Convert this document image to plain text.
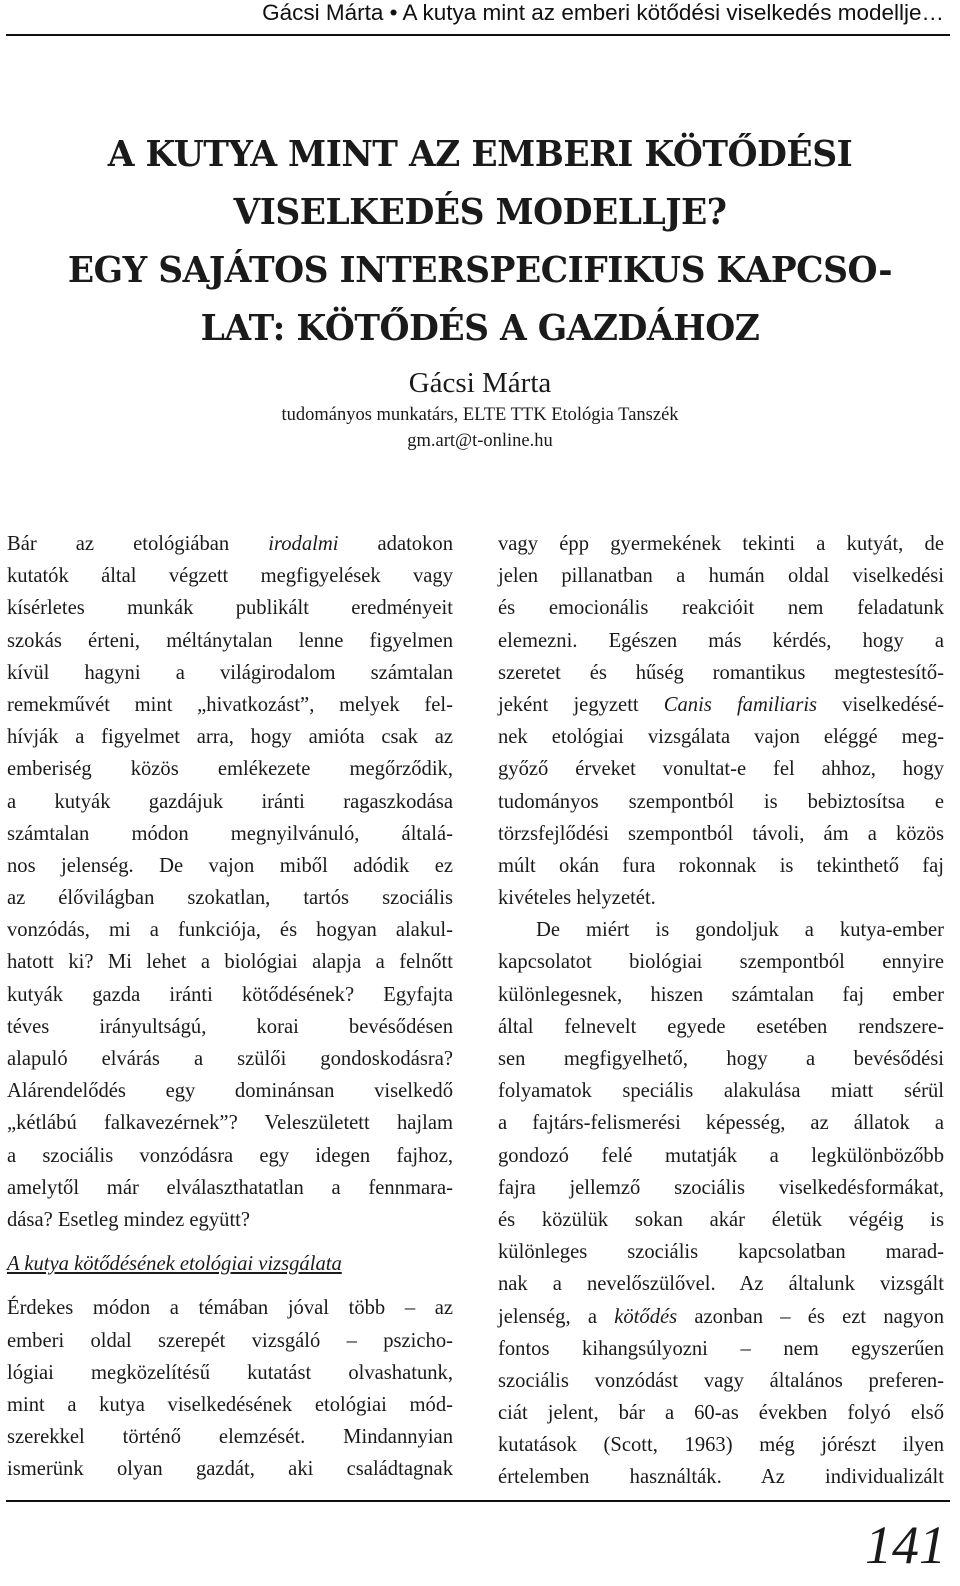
Gácsi Márta • A kutya mint az emberi kötődési viselkedés modellje…
A KUTYA MINT AZ EMBERI KÖTŐDÉSI
VISELKEDÉS MODELLJE?
EGY SAJÁTOS INTERSPECIFIKUS KAPCSO-
LAT: KÖTŐDÉS A GAZDÁHOZ
Gácsi Márta
tudományos munkatárs, ELTE TTK Etológia Tanszék
gm.art@t-online.hu
Bár az etológiában irodalmi adatokon
kutatók által végzett megfigyelések vagy
kísérletes munkák publikált eredményeit
szokás érteni, méltánytalan lenne figyelmen
kívül hagyni a világirodalom számtalan
remekművét mint „hivatkozást”, melyek fel-
hívják a figyelmet arra, hogy amióta csak az
emberiség közös emlékezete megőrződik,
a kutyák gazdájuk iránti ragaszkodása
számtalan módon megnyilvánuló, általá-
nos jelenség. De vajon miből adódik ez
az élővilágban szokatlan, tartós szociális
vonzódás, mi a funkciója, és hogyan alakul-
hatott ki? Mi lehet a biológiai alapja a felnőtt
kutyák gazda iránti kötődésének? Egyfajta
téves irányultságú, korai bevésődésen
alapuló elvárás a szülői gondoskodásra?
Alárendelődés egy dominánsan viselkedő
„kétlábú falkavezérnek”? Veleszületett hajlam
a szociális vonzódásra egy idegen fajhoz,
amelytől már elválaszthatatlan a fennmara-
dása? Esetleg mindez együtt?
A kutya kötődésének etológiai vizsgálata
Érdekes módon a témában jóval több – az
emberi oldal szerepét vizsgáló – pszicho-
lógiai megközelítésű kutatást olvashatunk,
mint a kutya viselkedésének etológiai mód-
szerekkel történő elemzését. Mindannyian
ismerünk olyan gazdát, aki családtagnak
vagy épp gyermekének tekinti a kutyát, de
jelen pillanatban a humán oldal viselkedési
és emocionális reakcióit nem feladatunk
elemezni. Egészen más kérdés, hogy a
szeretet és hűség romantikus megtestesítő-
jeként jegyzett Canis familiaris viselkedésé-
nek etológiai vizsgálata vajon eléggé meg-
győző érveket vonultat-e fel ahhoz, hogy
tudományos szempontból is bebiztosítsa e
törzsfejlődési szempontból távoli, ám a közös
múlt okán fura rokonnak is tekinthető faj
kivételes helyzetét.
De miért is gondoljuk a kutya-ember
kapcsolatot biológiai szempontból ennyire
különlegesnek, hiszen számtalan faj ember
által felnevelt egyede esetében rendszere-
sen megfigyelhető, hogy a bevésődési
folyamatok speciális alakulása miatt sérül
a fajtárs-felismerési képesség, az állatok a
gondozó felé mutatják a legkülönbözőbb
fajra jellemző szociális viselkedésformákat,
és közülük sokan akár életük végéig is
különleges szociális kapcsolatban marad-
nak a nevelőszülővel. Az általunk vizsgált
jelenség, a kötődés azonban – és ezt nagyon
fontos kihangsúlyozni – nem egyszerűen
szociális vonzódást vagy általános preferen-
ciát jelent, bár a 60-as években folyó első
kutatások (Scott, 1963) még jórészt ilyen
értelemben használták. Az individualizált
141
